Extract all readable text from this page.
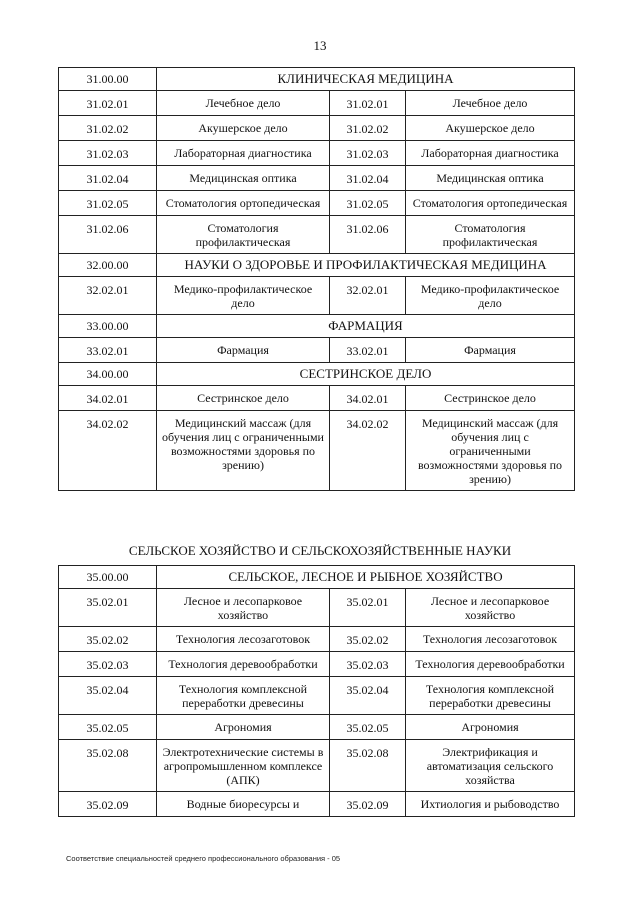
13
31.00.00	КЛИНИЧЕСКАЯ МЕДИЦИНА		
31.02.01	Лечебное дело	31.02.01	Лечебное дело
31.02.02	Акушерское дело	31.02.02	Акушерское дело
31.02.03	Лабораторная диагностика	31.02.03	Лабораторная диагностика
31.02.04	Медицинская оптика	31.02.04	Медицинская оптика
31.02.05	Стоматология ортопедическая	31.02.05	Стоматология ортопедическая
31.02.06	Стоматология профилактическая	31.02.06	Стоматология профилактическая
32.00.00	НАУКИ О ЗДОРОВЬЕ И ПРОФИЛАКТИЧЕСКАЯ МЕДИЦИНА		
32.02.01	Медико-профилактическое дело	32.02.01	Медико-профилактическое дело
33.00.00	ФАРМАЦИЯ		
33.02.01	Фармация	33.02.01	Фармация
34.00.00	СЕСТРИНСКОЕ ДЕЛО		
34.02.01	Сестринское дело	34.02.01	Сестринское дело
34.02.02	Медицинский массаж (для обучения лиц с ограниченными возможностями здоровья по зрению)	34.02.02	Медицинский массаж (для обучения лиц с ограниченными возможностями здоровья по зрению)
СЕЛЬСКОЕ ХОЗЯЙСТВО И СЕЛЬСКОХОЗЯЙСТВЕННЫЕ НАУКИ
35.00.00	СЕЛЬСКОЕ, ЛЕСНОЕ И РЫБНОЕ ХОЗЯЙСТВО		
35.02.01	Лесное и лесопарковое хозяйство	35.02.01	Лесное и лесопарковое хозяйство
35.02.02	Технология лесозаготовок	35.02.02	Технология лесозаготовок
35.02.03	Технология деревообработки	35.02.03	Технология деревообработки
35.02.04	Технология комплексной переработки древесины	35.02.04	Технология комплексной переработки древесины
35.02.05	Агрономия	35.02.05	Агрономия
35.02.08	Электротехнические системы в агропромышленном комплексе (АПК)	35.02.08	Электрификация и автоматизация сельского хозяйства
35.02.09	Водные биоресурсы и	35.02.09	Ихтиология и рыбоводство
Соответствие специальностей среднего профессионального образования - 05
